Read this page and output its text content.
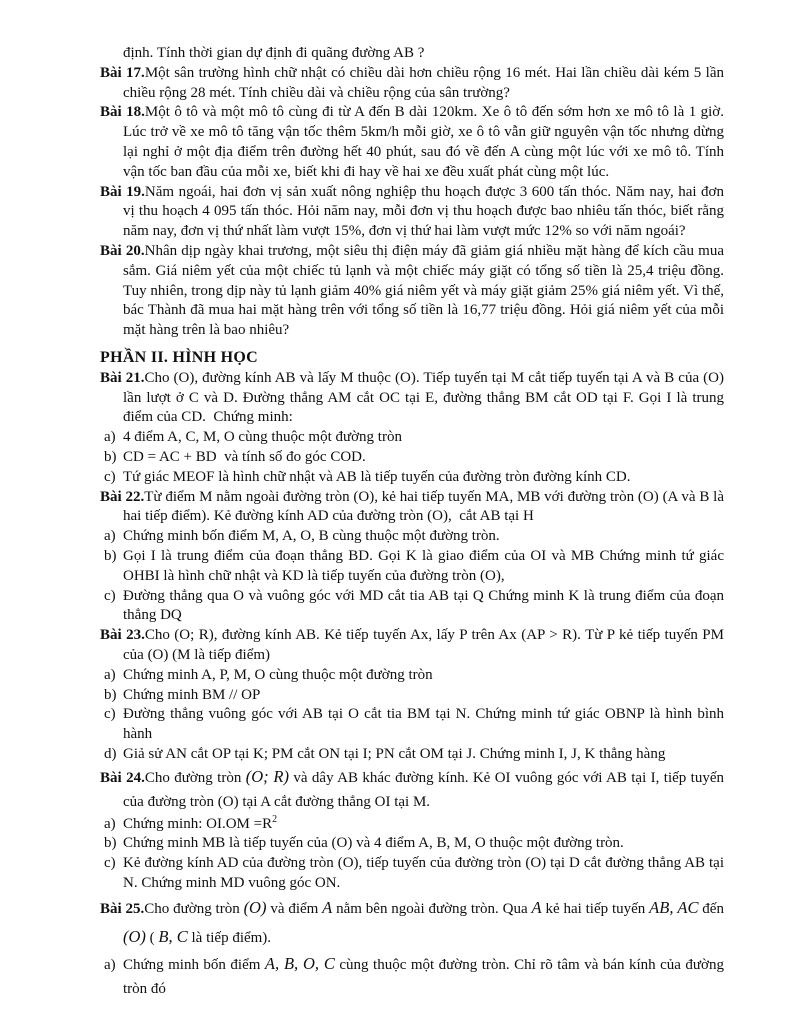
định. Tính thời gian dự định đi quãng đường AB ?

Bài 17.Một sân trường hình chữ nhật có chiều dài hơn chiều rộng 16 mét. Hai lần chiều dài kém 5 lần chiều rộng 28 mét. Tính chiều dài và chiều rộng của sân trường?

Bài 18.Một ô tô và một mô tô cùng đi từ A đến B dài 120km. Xe ô tô đến sớm hơn xe mô tô là 1 giờ. Lúc trở về xe mô tô tăng vận tốc thêm 5km/h mỗi giờ, xe ô tô vẫn giữ nguyên vận tốc nhưng dừng lại nghỉ ở một địa điểm trên đường hết 40 phút, sau đó về đến A cùng một lúc với xe mô tô. Tính vận tốc ban đầu của mỗi xe, biết khi đi hay về hai xe đều xuất phát cùng một lúc.

Bài 19.Năm ngoái, hai đơn vị sản xuất nông nghiệp thu hoạch được 3 600 tấn thóc. Năm nay, hai đơn vị thu hoạch 4 095 tấn thóc. Hỏi năm nay, mỗi đơn vị thu hoạch được bao nhiêu tấn thóc, biết rằng năm nay, đơn vị thứ nhất làm vượt 15%, đơn vị thứ hai làm vượt mức 12% so với năm ngoái?

Bài 20.Nhân dịp ngày khai trương, một siêu thị điện máy đã giảm giá nhiều mặt hàng để kích cầu mua sắm. Giá niêm yết của một chiếc tủ lạnh và một chiếc máy giặt có tổng số tiền là 25,4 triệu đồng. Tuy nhiên, trong dịp này tủ lạnh giảm 40% giá niêm yết và máy giặt giảm 25% giá niêm yết. Vì thế, bác Thành đã mua hai mặt hàng trên với tổng số tiền là 16,77 triệu đồng. Hỏi giá niêm yết của mỗi mặt hàng trên là bao nhiêu?

PHẦN II. HÌNH HỌC

Bài 21.Cho (O), đường kính AB và lấy M thuộc (O). Tiếp tuyến tại M cắt tiếp tuyến tại A và B của (O) lần lượt ở C và D. Đường thẳng AM cắt OC tại E, đường thẳng BM cắt OD tại F. Gọi I là trung điểm của CD.  Chứng minh:

a) 4 điểm A, C, M, O cùng thuộc một đường tròn

b) CD = AC + BD  và tính số đo góc COD.

c) Tứ giác MEOF là hình chữ nhật và AB là tiếp tuyến của đường tròn đường kính CD.

Bài 22.Từ điểm M nằm ngoài đường tròn (O), kẻ hai tiếp tuyến MA, MB với đường tròn (O) (A và B là hai tiếp điểm). Kẻ đường kính AD của đường tròn (O),  cắt AB tại H

a) Chứng minh bốn điểm M, A, O, B cùng thuộc một đường tròn.

b) Gọi I là trung điểm của đoạn thẳng BD. Gọi K là giao điểm của OI và MB Chứng minh tứ giác OHBI là hình chữ nhật và KD là tiếp tuyến của đường tròn (O),

c) Đường thẳng qua O và vuông góc với MD cắt tia AB tại Q Chứng minh K là trung điểm của đoạn thẳng DQ

Bài 23.Cho (O; R), đường kính AB. Kẻ tiếp tuyến Ax, lấy P trên Ax (AP > R). Từ P kẻ tiếp tuyến PM của (O) (M là tiếp điểm)

a) Chứng minh A, P, M, O cùng thuộc một đường tròn

b) Chứng minh BM // OP

c) Đường thẳng vuông góc với AB tại O cắt tia BM tại N. Chứng minh tứ giác OBNP là hình bình hành

d) Giả sử AN cắt OP tại K; PM cắt ON tại I; PN cắt OM tại J. Chứng minh I, J, K thẳng hàng

Bài 24.Cho đường tròn (O; R) và dây AB khác đường kính. Kẻ OI vuông góc với AB tại I, tiếp tuyến của đường tròn (O) tại A cắt đường thẳng OI tại M.

a) Chứng minh: $OI.OM =R^2$

b) Chứng minh MB là tiếp tuyến của (O) và 4 điểm A, B, M, O thuộc một đường tròn.

c) Kẻ đường kính AD của đường tròn (O), tiếp tuyến của đường tròn (O) tại D cắt đường thẳng AB tại N. Chứng minh MD vuông góc ON.

Bài 25.Cho đường tròn (O) và điểm A nằm bên ngoài đường tròn. Qua A kẻ hai tiếp tuyến AB, AC đến (O) ( B, C là tiếp điểm).

a) Chứng minh bốn điểm A, B, O, C cùng thuộc một đường tròn. Chỉ rõ tâm và bán kính của đường tròn đó
